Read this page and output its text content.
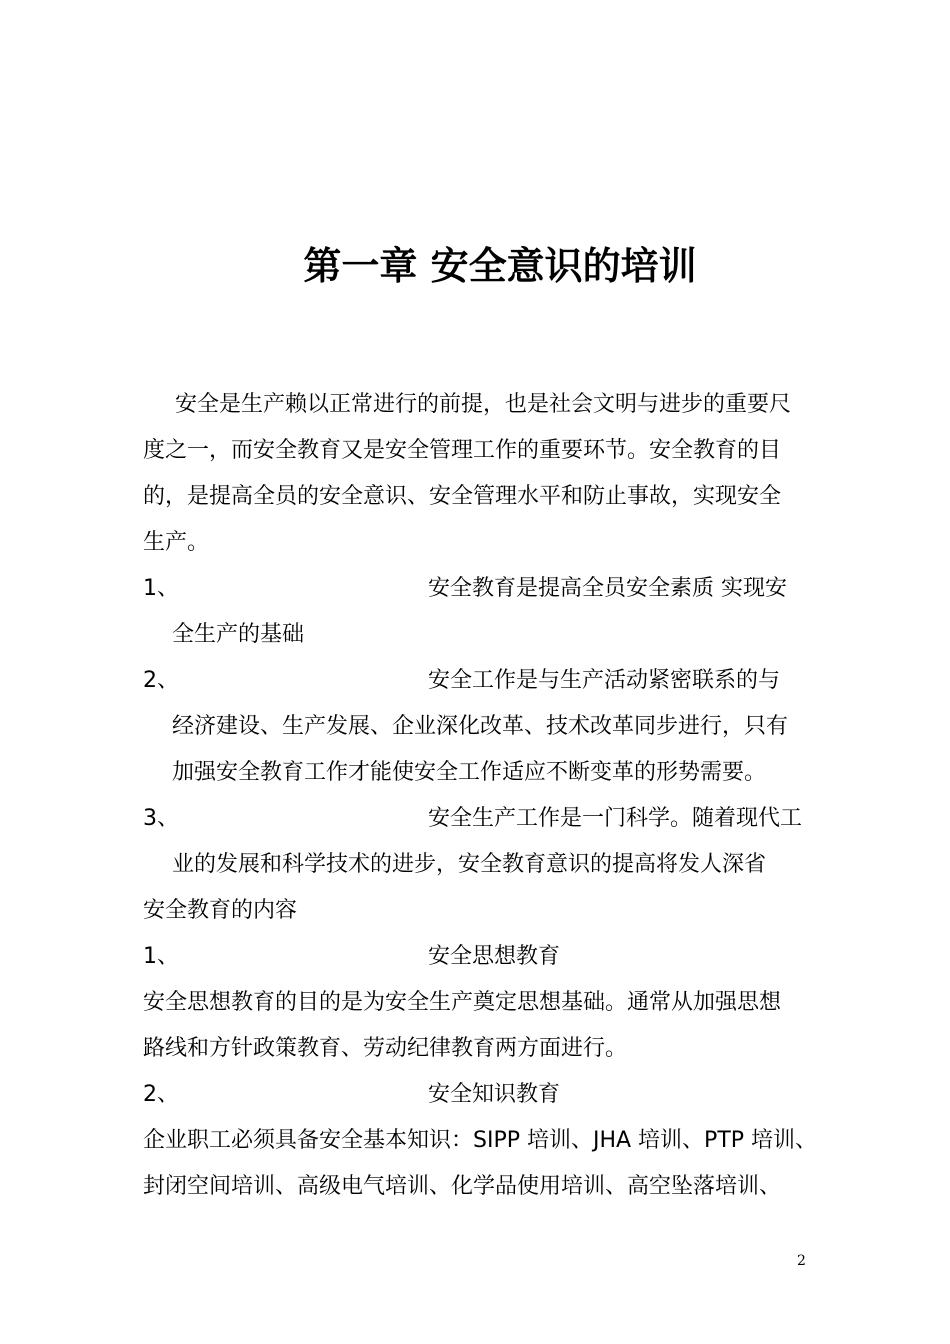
第一章 安全意识的培训
安全是生产赖以正常进行的前提，也是社会文明与进步的重要尺
度之一，而安全教育又是安全管理工作的重要环节。安全教育的目
的，是提高全员的安全意识、安全管理水平和防止事故，实现安全
生产。
1、	安全教育是提高全员安全素质 实现安
全生产的基础
2、	安全工作是与生产活动紧密联系的与
经济建设、生产发展、企业深化改革、技术改革同步进行，只有
加强安全教育工作才能使安全工作适应不断变革的形势需要。
3、	安全生产工作是一门科学。随着现代工
业的发展和科学技术的进步，安全教育意识的提高将发人深省
安全教育的内容
1、	安全思想教育
安全思想教育的目的是为安全生产奠定思想基础。通常从加强思想
路线和方针政策教育、劳动纪律教育两方面进行。
2、	安全知识教育
企业职工必须具备安全基本知识：SIPP 培训、JHA 培训、PTP 培训、
封闭空间培训、高级电气培训、化学品使用培训、高空坠落培训、
2
